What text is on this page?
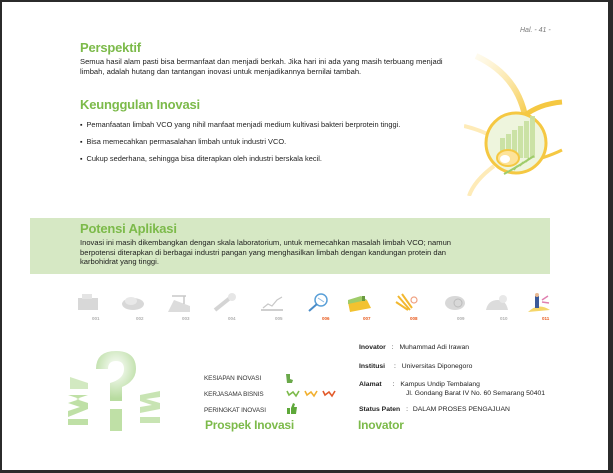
Hal. - 41 -
Perspektif
Semua hasil alam pasti bisa bermanfaat dan menjadi berkah. Jika hari ini ada yang masih terbuang menjadi
limbah, adalah hutang dan tantangan inovasi untuk menjadikannya bernilai tambah.
Keunggulan Inovasi
▪ Pemanfaatan limbah VCO yang nihil manfaat menjadi medium kultivasi bakteri berprotein tinggi.
▪ Bisa memecahkan permasalahan limbah untuk industri VCO.
▪ Cukup sederhana, sehingga bisa diterapkan oleh industri berskala kecil.
Potensi Aplikasi
Inovasi ini masih dikembangkan dengan skala laboratorium, untuk memecahkan masalah limbah VCO; namun
berpotensi diterapkan di berbagai industri pangan yang menghasilkan limbah dengan kandungan protein dan
karbohidrat yang tinggi.
001	002	003	004	005	006	007	008	009	010	011
KESIAPAN INOVASI
KERJASAMA BISNIS
PERINGKAT INOVASI
Prospek Inovasi
Inovator : Muhammad Adi Irawan
Institusi : Universitas Diponegoro
Alamat : Kampus Undip Tembalang
Jl. Gondang Barat IV No. 60 Semarang 50401
Status Paten : DALAM PROSES PENGAJUAN
Inovator
